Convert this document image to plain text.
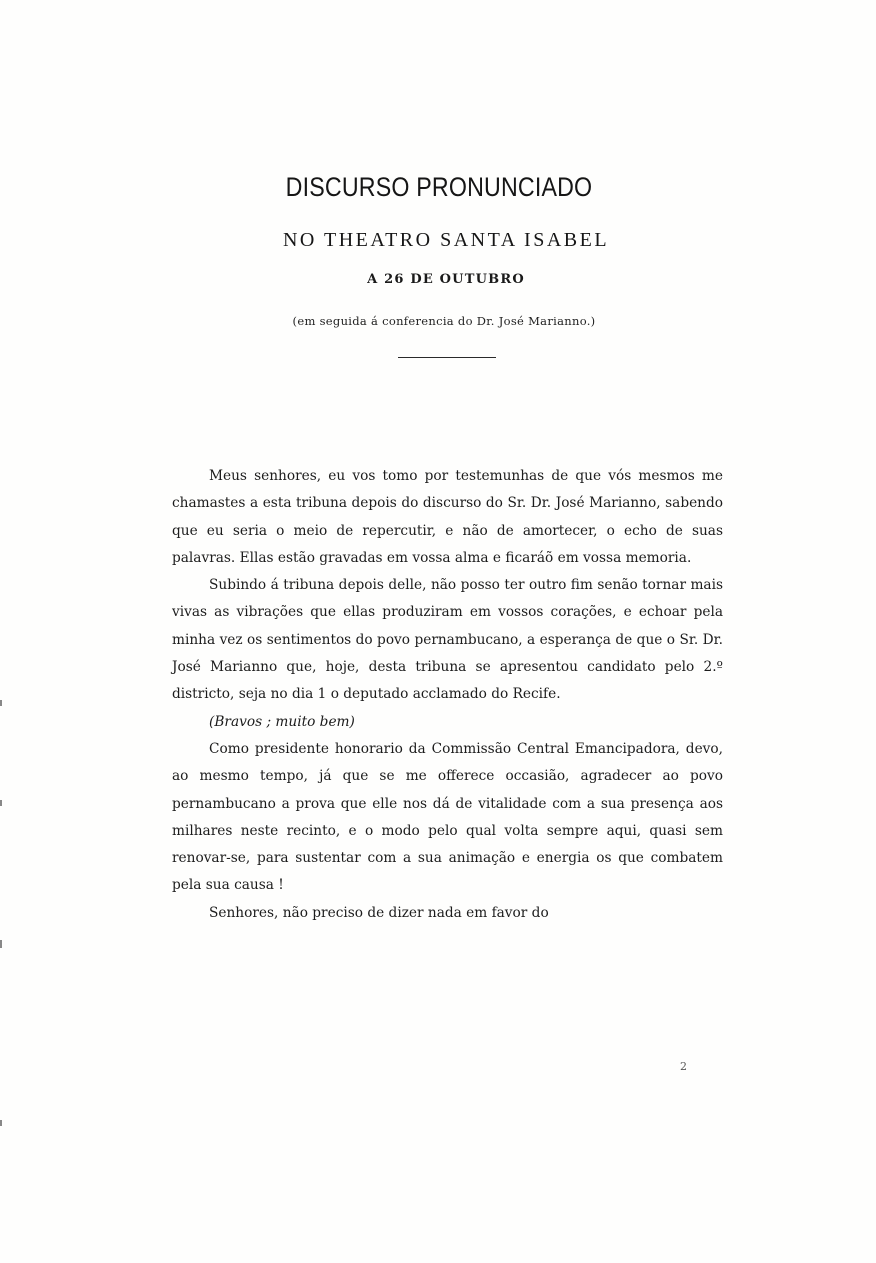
DISCURSO PRONUNCIADO
NO THEATRO SANTA ISABEL
A 26 DE OUTUBRO
(em seguida á conferencia do Dr. José Marianno.)

Meus senhores, eu vos tomo por testemunhas de que vós mesmos me chamastes a esta tribuna depois do discurso do Sr. Dr. José Marianno, sabendo que eu seria o meio de repercutir, e não de amortecer, o echo de suas palavras. Ellas estão gravadas em vossa alma e ficaráõ em vossa memoria.

Subindo á tribuna depois delle, não posso ter outro fim senão tornar mais vivas as vibrações que ellas produziram em vossos corações, e echoar pela minha vez os sentimentos do povo pernambucano, a esperança de que o Sr. Dr. José Marianno que, hoje, desta tribuna se apresentou candidato pelo 2.º districto, seja no dia 1 o deputado acclamado do Recife.

(Bravos ; muito bem)

Como presidente honorario da Commissão Central Emancipadora, devo, ao mesmo tempo, já que se me offerece occasião, agradecer ao povo pernambucano a prova que elle nos dá de vitalidade com a sua presença aos milhares neste recinto, e o modo pelo qual volta sempre aqui, quasi sem renovar-se, para sustentar com a sua animação e energia os que combatem pela sua causa !

Senhores, não preciso de dizer nada em favor do

2
